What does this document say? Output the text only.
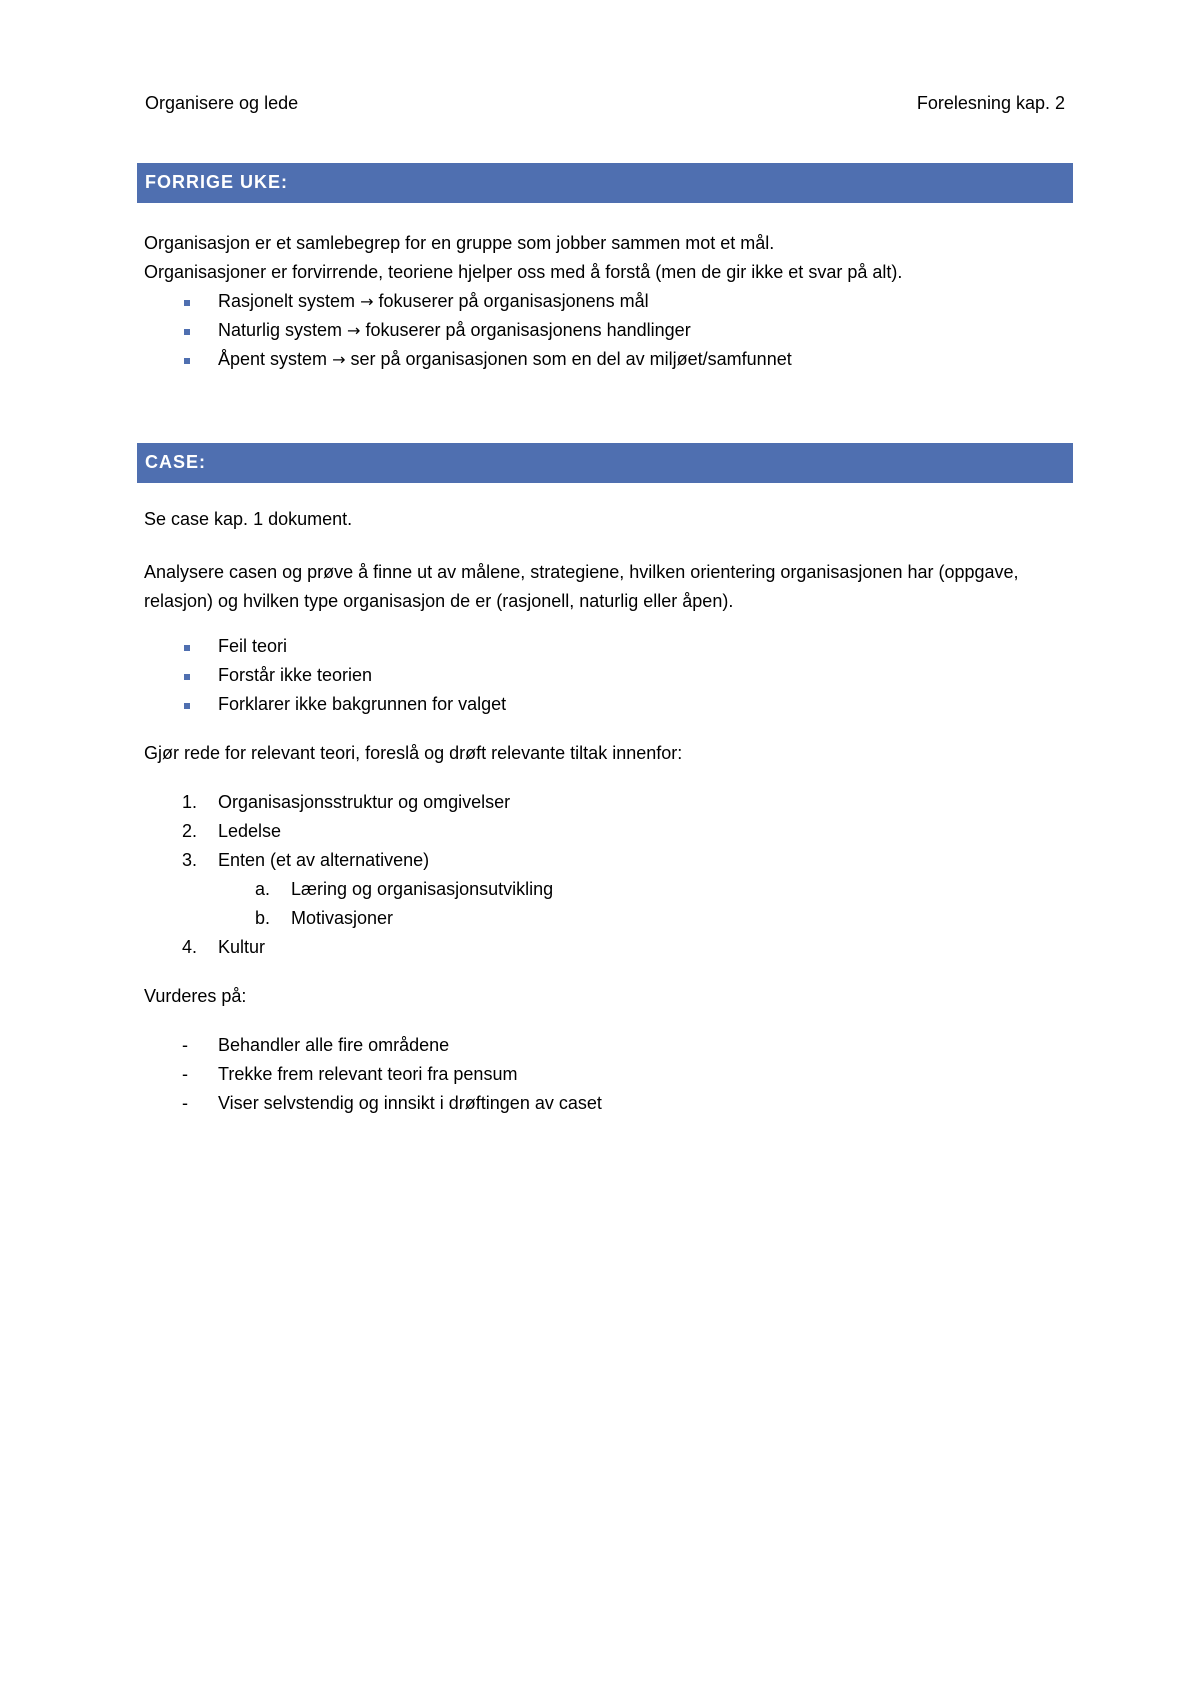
Organisere og lede	Forelesning kap. 2
FORRIGE UKE:
Organisasjon er et samlebegrep for en gruppe som jobber sammen mot et mål.
Organisasjoner er forvirrende, teoriene hjelper oss med å forstå (men de gir ikke et svar på alt).
Rasjonelt system → fokuserer på organisasjonens mål
Naturlig system → fokuserer på organisasjonens handlinger
Åpent system → ser på organisasjonen som en del av miljøet/samfunnet
CASE:
Se case kap. 1 dokument.
Analysere casen og prøve å finne ut av målene, strategiene, hvilken orientering organisasjonen har (oppgave, relasjon) og hvilken type organisasjon de er (rasjonell, naturlig eller åpen).
Feil teori
Forstår ikke teorien
Forklarer ikke bakgrunnen for valget
Gjør rede for relevant teori, foreslå og drøft relevante tiltak innenfor:
1.	Organisasjonsstruktur og omgivelser
2.	Ledelse
3.	Enten (et av alternativene)
a.	Læring og organisasjonsutvikling
b.	Motivasjoner
4.	Kultur
Vurderes på:
-	Behandler alle fire områdene
-	Trekke frem relevant teori fra pensum
-	Viser selvstendig og innsikt i drøftingen av caset
